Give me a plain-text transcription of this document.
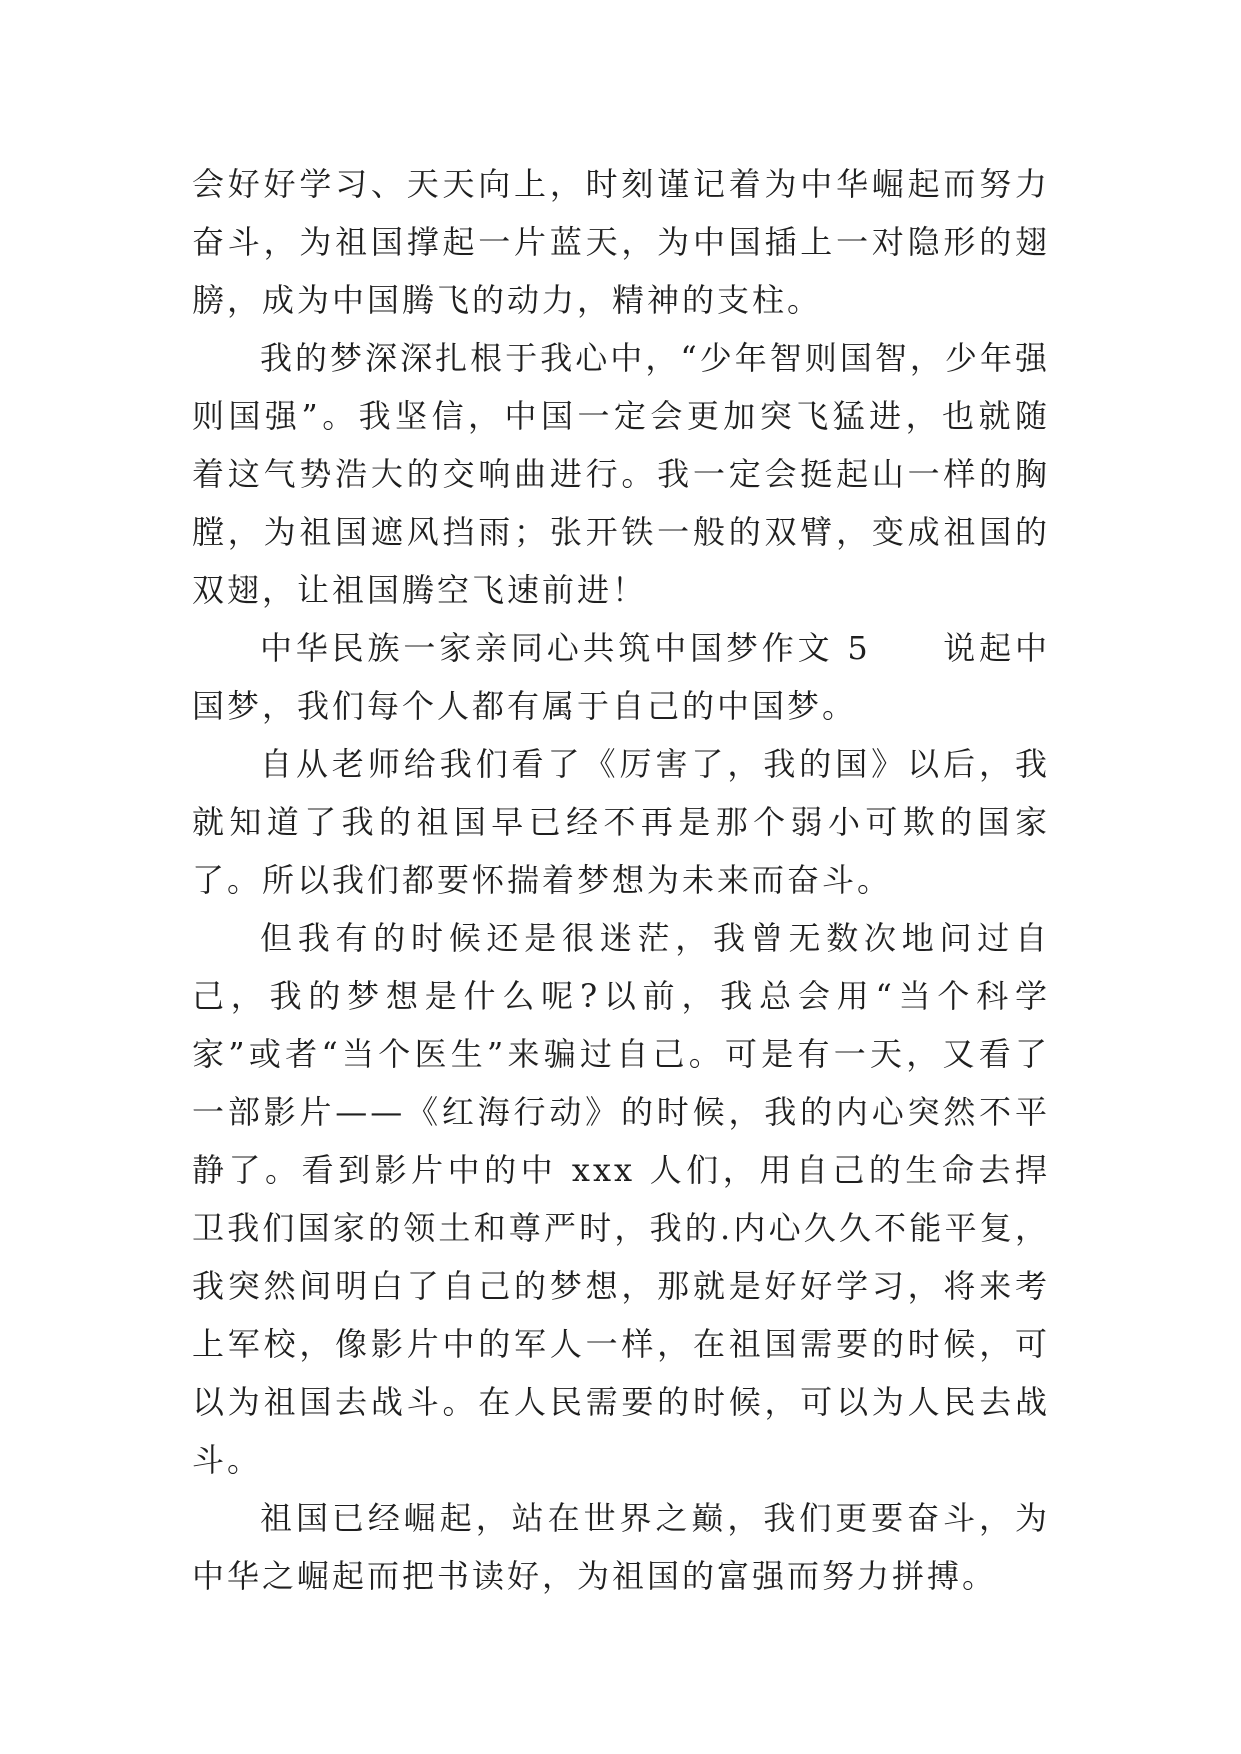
会好好学习、天天向上，时刻谨记着为中华崛起而努力奋斗，为祖国撑起一片蓝天，为中国插上一对隐形的翅膀，成为中国腾飞的动力，精神的支柱。

我的梦深深扎根于我心中，“少年智则国智，少年强则国强”。我坚信，中国一定会更加突飞猛进，也就随着这气势浩大的交响曲进行。我一定会挺起山一样的胸膛，为祖国遮风挡雨；张开铁一般的双臂，变成祖国的双翅，让祖国腾空飞速前进！

中华民族一家亲同心共筑中国梦作文 5　　说起中国梦，我们每个人都有属于自己的中国梦。

自从老师给我们看了《厉害了，我的国》以后，我就知道了我的祖国早已经不再是那个弱小可欺的国家了。所以我们都要怀揣着梦想为未来而奋斗。

但我有的时候还是很迷茫，我曾无数次地问过自己，我的梦想是什么呢?以前，我总会用“当个科学家”或者“当个医生”来骗过自己。可是有一天，又看了一部影片——《红海行动》的时候，我的内心突然不平静了。看到影片中的中 xxx 人们，用自己的生命去捍卫我们国家的领土和尊严时，我的.内心久久不能平复，我突然间明白了自己的梦想，那就是好好学习，将来考上军校，像影片中的军人一样，在祖国需要的时候，可以为祖国去战斗。在人民需要的时候，可以为人民去战斗。

祖国已经崛起，站在世界之巅，我们更要奋斗，为中华之崛起而把书读好，为祖国的富强而努力拼搏。
